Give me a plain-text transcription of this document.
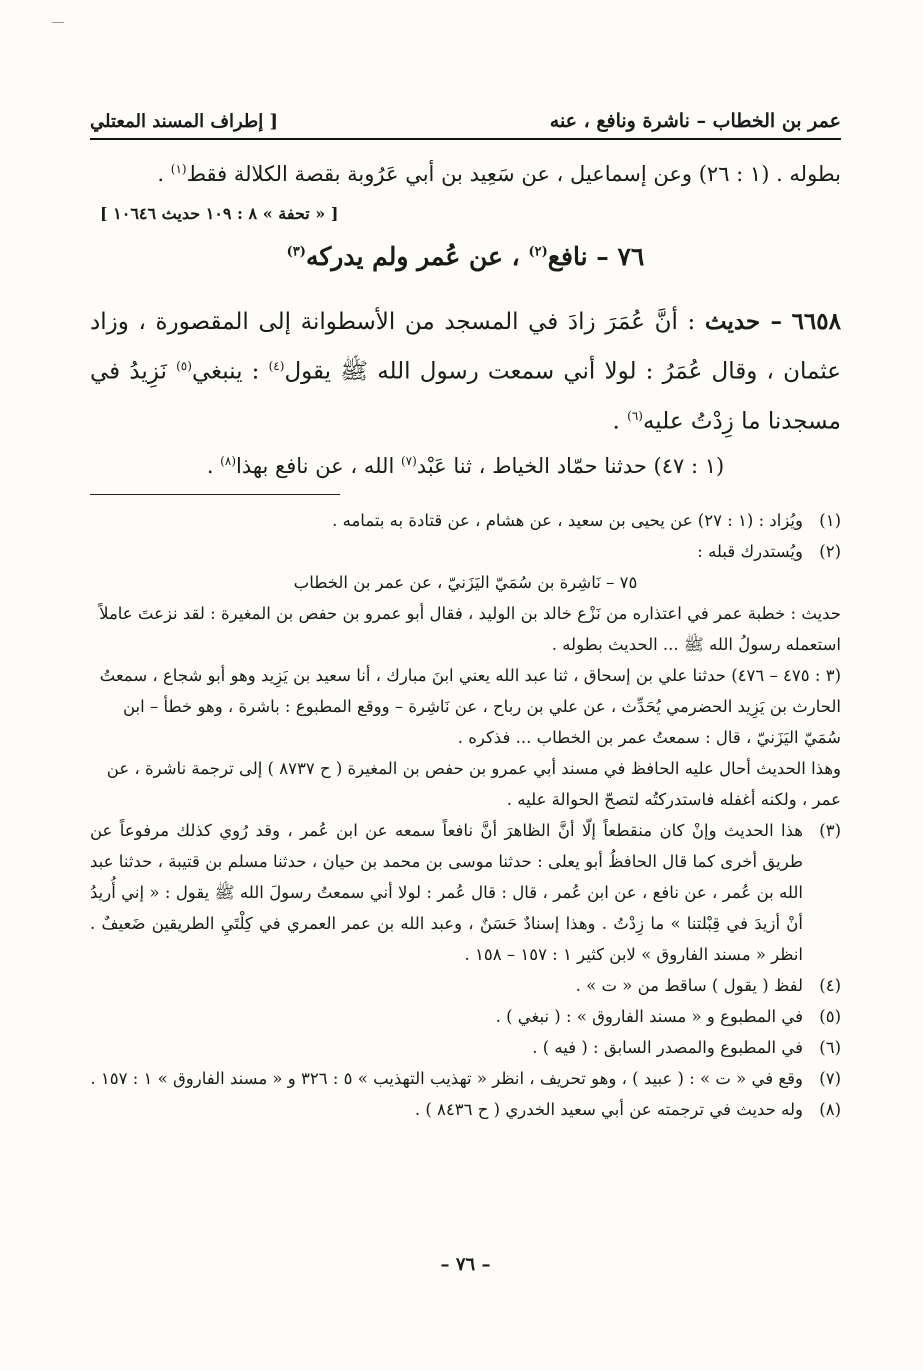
عمر بن الخطاب – ناشرة ونافع ، عنه
[ إطراف المسند المعتلي
بطوله . (١ : ٢٦) وعن إسماعيل ، عن سَعِيد بن أبي عَرُوبة بقصة الكلالة فقط$^{(١)}$ .
[ « تحفة » ٨ : ١٠٩ حديث ١٠٦٤٦ ]
٧٦ – نافع$^{(٢)}$ ، عن عُمر ولم يدركه$^{(٣)}$
٦٦٥٨ – حديث : أنَّ عُمَرَ زادَ في المسجد من الأسطوانة إلى المقصورة ، وزاد عثمان ، وقال عُمَرُ : لولا أني سمعت رسول الله ﷺ يقول$^{(٤)}$ : ينبغي$^{(٥)}$ نَزِيدُ في مسجدنا ما زِدْتُ عليه$^{(٦)}$ .
(١ : ٤٧) حدثنا حمّاد الخياط ، ثنا عَبْد$^{(٧)}$ الله ، عن نافع بهذا$^{(٨)}$ .
(١)
ويُزاد : (١ : ٢٧) عن يحيى بن سعيد ، عن هشام ، عن قتادة به بتمامه .
(٢)
ويُستدرك قبله :
٧٥ – نَاشِرة بن سُمَيّ اليَزَنيّ ، عن عمر بن الخطاب
حديث : خطبة عمر في اعتذاره من نَزْع خالد بن الوليد ، فقال أبو عمرو بن حفص بن المغيرة : لقد نزعتَ عاملاً استعمله رسولُ الله ﷺ ... الحديث بطوله .
(٣ : ٤٧٥ – ٤٧٦) حدثنا علي بن إسحاق ، ثنا عبد الله يعني ابنَ مبارك ، أنا سعيد بن يَزِيد وهو أبو شجاع ، سمعتُ الحارث بن يَزِيد الحضرمي يُحَدِّث ، عن علي بن رباح ، عن نَاشِرة – ووقع المطبوع : باشرة ، وهو خطأ – ابن سُمَيّ اليَزَنيّ ، قال : سمعتُ عمر بن الخطاب ... فذكره .
وهذا الحديث أحال عليه الحافظ في مسند أبي عمرو بن حفص بن المغيرة ( ح ٨٧٣٧ ) إلى ترجمة ناشرة ، عن عمر ، ولكنه أغفله فاستدركتُه لتصحّ الحوالة عليه .
(٣)
هذا الحديث وإنْ كان منقطعاً إلّا أنَّ الظاهرَ أنَّ نافعاً سمعه عن ابن عُمر ، وقد رُوي كذلك مرفوعاً عن طريق أخرى كما قال الحافظُ أبو يعلى : حدثنا موسى بن محمد بن حيان ، حدثنا مسلم بن قتيبة ، حدثنا عبد الله بن عُمر ، عن نافع ، عن ابن عُمر ، قال : قال عُمر : لولا أني سمعتُ رسولَ الله ﷺ يقول : « إني أُريدُ أنْ أزيدَ في قِبْلتنا » ما زِدْتُ . وهذا إسنادٌ حَسَنٌ ، وعبد الله بن عمر العمري في كِلْتَيِ الطريقين ضَعيفٌ . انظر « مسند الفاروق » لابن كثير ١ : ١٥٧ – ١٥٨ .
(٤)
لفظ ( يقول ) ساقط من « ت » .
(٥)
في المطبوع و « مسند الفاروق » : ( نبغي ) .
(٦)
في المطبوع والمصدر السابق : ( فيه ) .
(٧)
وقع في « ت » : ( عبيد ) ، وهو تحريف ، انظر « تهذيب التهذيب » ٥ : ٣٢٦ و « مسند الفاروق » ١ : ١٥٧ .
(٨)
وله حديث في ترجمته عن أبي سعيد الخدري ( ح ٨٤٣٦ ) .
– ٧٦ –
